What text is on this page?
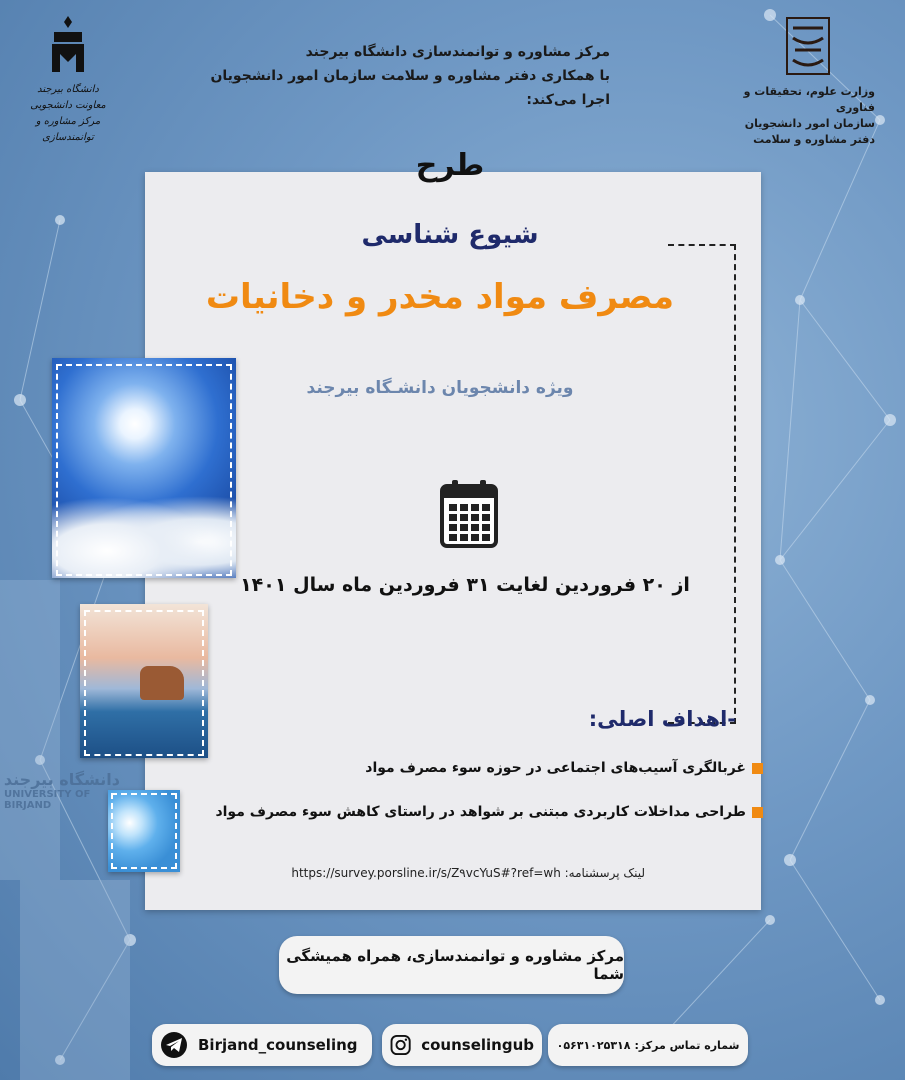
دانشگاه بیرجند
UNIVERSITY OF BIRJAND
مرکز مشاوره و توانمندسازی دانشگاه بیرجند
با همکاری دفتر مشاوره و سلامت سازمان امور دانشجویان اجرا می‌کند:
وزارت علوم، تحقیقات و فناوری
سازمان امور دانشجویان
دفتر مشاوره و سلامت
دانشگاه بیرجند
معاونت دانشجویی
مرکز مشاوره و توانمندسازی
طرح
شیوع شناسی
مصرف مواد مخدر و دخانیات
ویژه دانشجویان دانشـگاه بیرجند
از ۲۰ فروردین لغایت ۳۱ فروردین ماه سال ۱۴۰۱
-اهداف اصلی:
غربالگری آسیب‌های اجتماعی در حوزه سوء مصرف مواد
طراحی مداخلات کاربردی مبتنی بر شواهد در راستای کاهش سوء مصرف مواد
لینک پرسشنامه: https://survey.porsline.ir/s/Z۹vcYuS#?ref=wh
مرکز مشاوره و توانمندسازی، همراه همیشگی شما
Birjand_counseling	counselingub	شماره تماس مرکز:
۰۵۶۳۱۰۲۵۳۱۸
